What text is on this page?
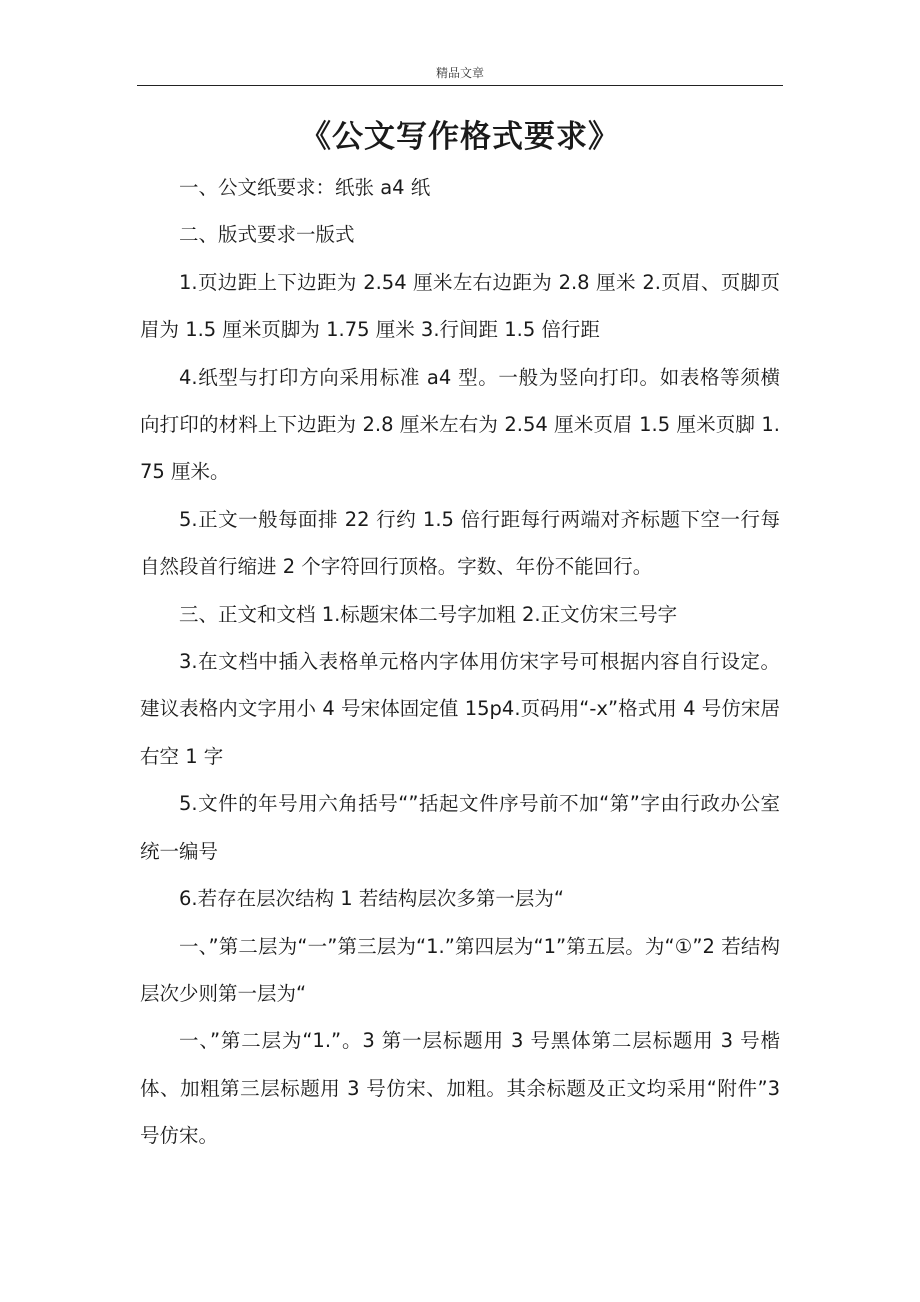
精品文章
《公文写作格式要求》

一、公文纸要求：纸张 a4 纸

二、版式要求一版式

1.页边距上下边距为 2.54 厘米左右边距为 2.8 厘米 2.页眉、页脚页眉为 1.5 厘米页脚为 1.75 厘米 3.行间距 1.5 倍行距

4.纸型与打印方向采用标准 a4 型。一般为竖向打印。如表格等须横向打印的材料上下边距为 2.8 厘米左右为 2.54 厘米页眉 1.5 厘米页脚 1.75 厘米。

5.正文一般每面排 22 行约 1.5 倍行距每行两端对齐标题下空一行每自然段首行缩进 2 个字符回行顶格。字数、年份不能回行。

三、正文和文档 1.标题宋体二号字加粗 2.正文仿宋三号字

3.在文档中插入表格单元格内字体用仿宋字号可根据内容自行设定。建议表格内文字用小 4 号宋体固定值 15p4.页码用“-x”格式用 4 号仿宋居右空 1 字

5.文件的年号用六角括号“”括起文件序号前不加“第”字由行政办公室统一编号

6.若存在层次结构 1 若结构层次多第一层为“

一、”第二层为“一”第三层为“1.”第四层为“1”第五层。为“①”2 若结构层次少则第一层为“

一、”第二层为“1.”。3 第一层标题用 3 号黑体第二层标题用 3 号楷体、加粗第三层标题用 3 号仿宋、加粗。其余标题及正文均采用“附件”3 号仿宋。
